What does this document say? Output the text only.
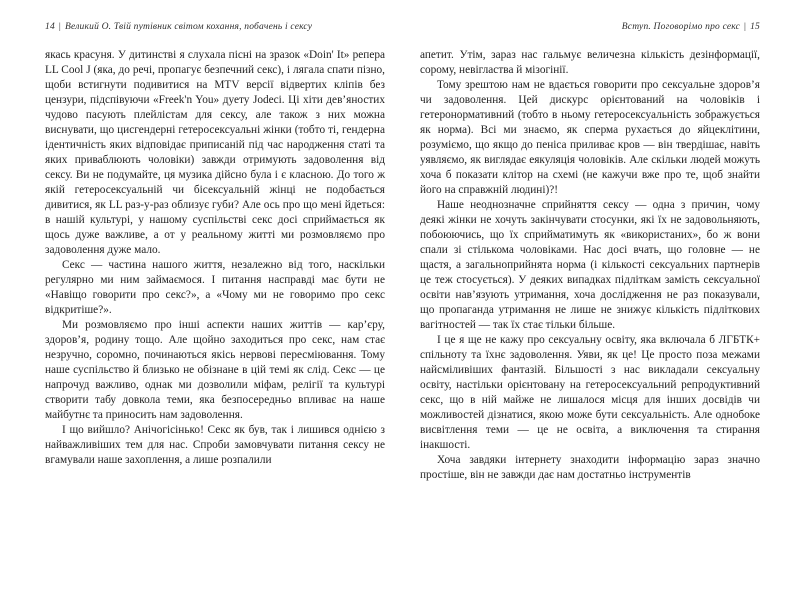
14 | Великий О. Твій путівник світом кохання, побачень і сексу

якась красуня. У дитинстві я слухала пісні на зразок «Doin' It» репера LL Cool J (яка, до речі, пропагує безпечний секс), і лягала спати пізно, щоби встигнути подивитися на MTV версії відвертих кліпів без цензури, підспівуючи «Freek'n You» дуету Jodeci. Ці хіти дев’яностих чудово пасують плейлістам для сексу, але також з них можна виснувати, що цисгендерні гетеросексуальні жінки (тобто ті, гендерна ідентичність яких відповідає приписаній під час народження статі та яких приваблюють чоловіки) завжди отримують задоволення від сексу. Ви не подумайте, ця музика дійсно була і є класною. До того ж якій гетеросексуальній чи бісексуальній жінці не подобається дивитися, як LL раз-у-раз облизує губи? Але ось про що мені йдеться: в нашій культурі, у нашому суспільстві секс досі сприймається як щось дуже важливе, а от у реальному житті ми розмовляємо про задоволення дуже мало.

Секс — частина нашого життя, незалежно від того, наскільки регулярно ми ним займаємося. І питання насправді має бути не «Навіщо говорити про секс?», а «Чому ми не говоримо про секс відкритіше?».

Ми розмовляємо про інші аспекти наших життів — кар’єру, здоров’я, родину тощо. Але щойно заходиться про секс, нам стає незручно, соромно, починаються якісь нервові пересміювання. Тому наше суспільство й близько не обізнане в цій темі як слід. Секс — це напрочуд важливо, однак ми дозволили міфам, релігії та культурі створити табу довкола теми, яка безпосередньо впливає на наше майбутнє та приносить нам задоволення.

І що вийшло? Анічогісінько! Секс як був, так і лишився однією з найважливіших тем для нас. Спроби замовчувати питання сексу не вгамували наше захоплення, а лише розпалили

Вступ. Поговорімо про секс | 15

апетит. Утім, зараз нас гальмує величезна кількість дезінформації, сорому, невігластва й мізогінії.

Тому зрештою нам не вдається говорити про сексуальне здоров’я чи задоволення. Цей дискурс орієнтований на чоловіків і гетеронормативний (тобто в ньому гетеросексуальність зображується як норма). Всі ми знаємо, як сперма рухається до яйцеклітини, розуміємо, що якщо до пеніса приливає кров — він твердішає, навіть уявляємо, як виглядає еякуляція чоловіків. Але скільки людей можуть хоча б показати клітор на схемі (не кажучи вже про те, щоб знайти його на справжній людині)?!

Наше неоднозначне сприйняття сексу — одна з причин, чому деякі жінки не хочуть закінчувати стосунки, які їх не задовольняють, побоюючись, що їх сприйматимуть як «використаних», бо ж вони спали зі стількома чоловіками. Нас досі вчать, що головне — не щастя, а загальноприйнята норма (і кількості сексуальних партнерів це теж стосується). У деяких випадках підліткам замість сексуальної освіти нав’язують утримання, хоча дослідження не раз показували, що пропаганда утримання не лише не знижує кількість підліткових вагітностей — так їх стає тільки більше.

І це я ще не кажу про сексуальну освіту, яка включала б ЛГБТК+ спільноту та їхнє задоволення. Уяви, як це! Це просто поза межами найсміливіших фантазій. Більшості з нас викладали сексуальну освіту, настільки орієнтовану на гетеросексуальний репродуктивний секс, що в ній майже не лишалося місця для інших досвідів чи можливостей дізнатися, якою може бути сексуальність. Але однобоке висвітлення теми — це не освіта, а виключення та стирання інакшості.

Хоча завдяки інтернету знаходити інформацію зараз значно простіше, він не завжди дає нам достатньо інструментів
